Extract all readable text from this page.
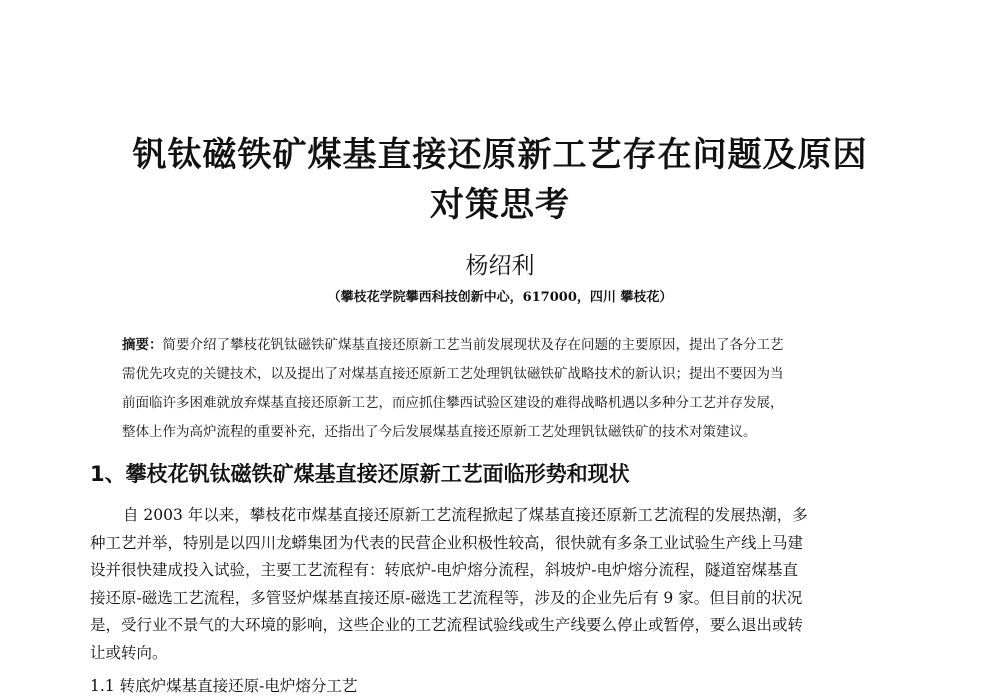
钒钛磁铁矿煤基直接还原新工艺存在问题及原因
对策思考
杨绍利
（攀枝花学院攀西科技创新中心，617000，四川 攀枝花）
摘要：简要介绍了攀枝花钒钛磁铁矿煤基直接还原新工艺当前发展现状及存在问题的主要原因，提出了各分工艺
需优先攻克的关键技术，以及提出了对煤基直接还原新工艺处理钒钛磁铁矿战略技术的新认识；提出不要因为当
前面临许多困难就放弃煤基直接还原新工艺，而应抓住攀西试验区建设的难得战略机遇以多种分工艺并存发展，
整体上作为高炉流程的重要补充，还指出了今后发展煤基直接还原新工艺处理钒钛磁铁矿的技术对策建议。
1、攀枝花钒钛磁铁矿煤基直接还原新工艺面临形势和现状
自 2003 年以来，攀枝花市煤基直接还原新工艺流程掀起了煤基直接还原新工艺流程的发展热潮，多
种工艺并举，特别是以四川龙蟒集团为代表的民营企业积极性较高，很快就有多条工业试验生产线上马建
设并很快建成投入试验，主要工艺流程有：转底炉-电炉熔分流程，斜坡炉-电炉熔分流程，隧道窑煤基直
接还原-磁选工艺流程，多管竖炉煤基直接还原-磁选工艺流程等，涉及的企业先后有 9 家。但目前的状况
是，受行业不景气的大环境的影响，这些企业的工艺流程试验线或生产线要么停止或暂停，要么退出或转
让或转向。
1.1 转底炉煤基直接还原-电炉熔分工艺
